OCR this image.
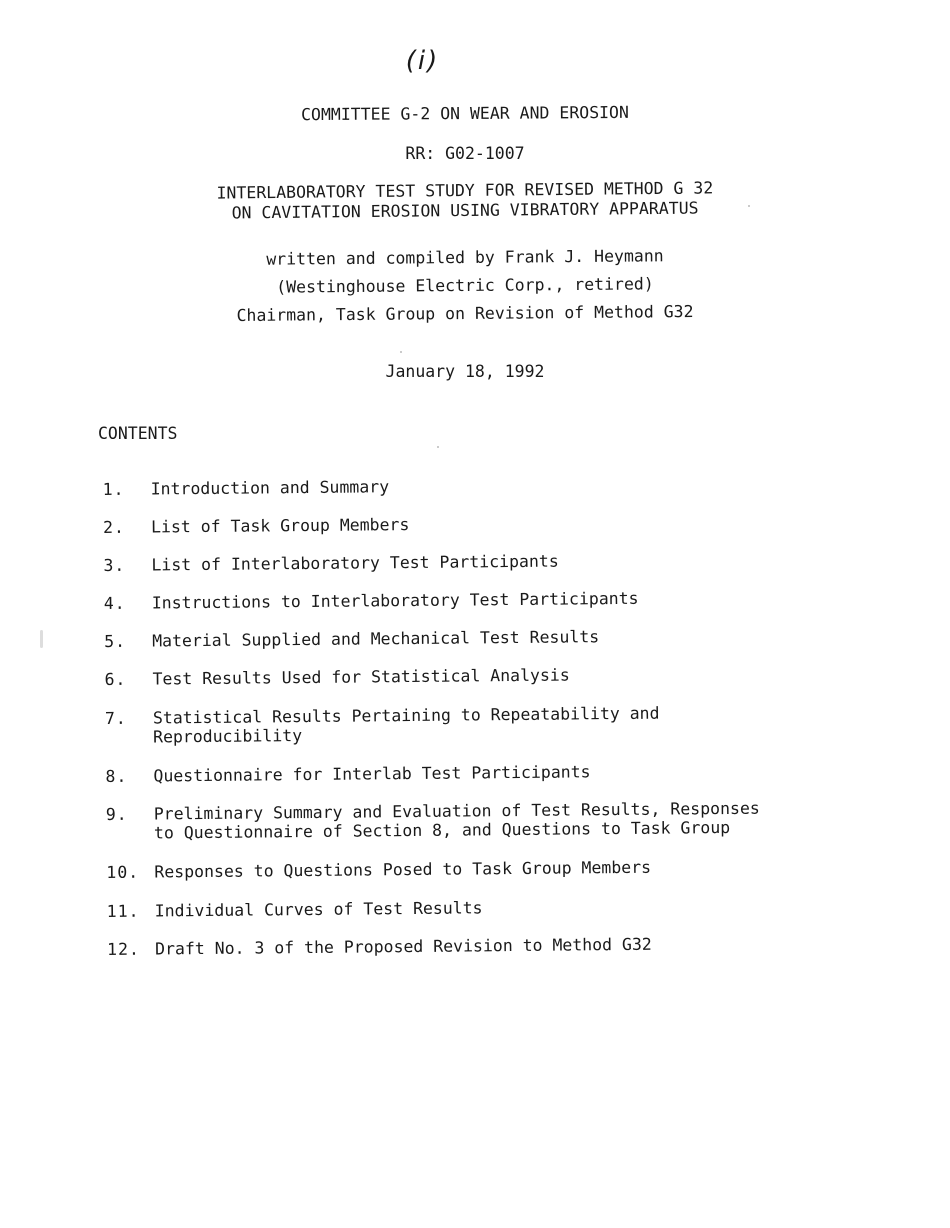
(i)
COMMITTEE G-2 ON WEAR AND EROSION
RR: G02-1007
INTERLABORATORY TEST STUDY FOR REVISED METHOD G 32
ON CAVITATION EROSION USING VIBRATORY APPARATUS
written and compiled by Frank J. Heymann
(Westinghouse Electric Corp., retired)
Chairman, Task Group on Revision of Method G32
January 18, 1992
CONTENTS
1.	Introduction and Summary
2.	List of Task Group Members
3.	List of Interlaboratory Test Participants
4.	Instructions to Interlaboratory Test Participants
5.	Material Supplied and Mechanical Test Results
6.	Test Results Used for Statistical Analysis
7.	Statistical Results Pertaining to Repeatability and
Reproducibility
8.	Questionnaire for Interlab Test Participants
9.	Preliminary Summary and Evaluation of Test Results, Responses
to Questionnaire of Section 8, and Questions to Task Group
10. Responses to Questions Posed to Task Group Members
11. Individual Curves of Test Results
12. Draft No. 3 of the Proposed Revision to Method G32
